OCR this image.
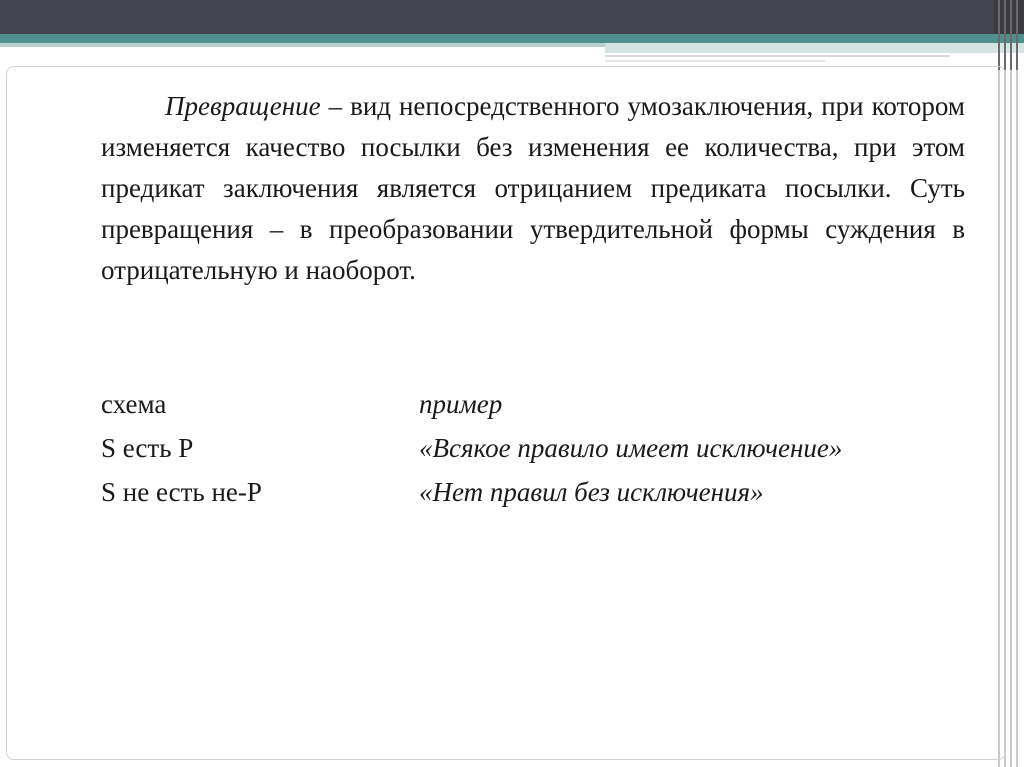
Превращение – вид непосредственного умозаключения, при котором изменяется качество посылки без изменения ее количества, при этом предикат заключения является отрицанием предиката посылки. Суть превращения – в преобразовании утвердительной формы суждения в отрицательную и наоборот.

схема	пример
S есть P	«Всякое правило имеет исключение»
S не есть не-P	«Нет правил без исключения»
